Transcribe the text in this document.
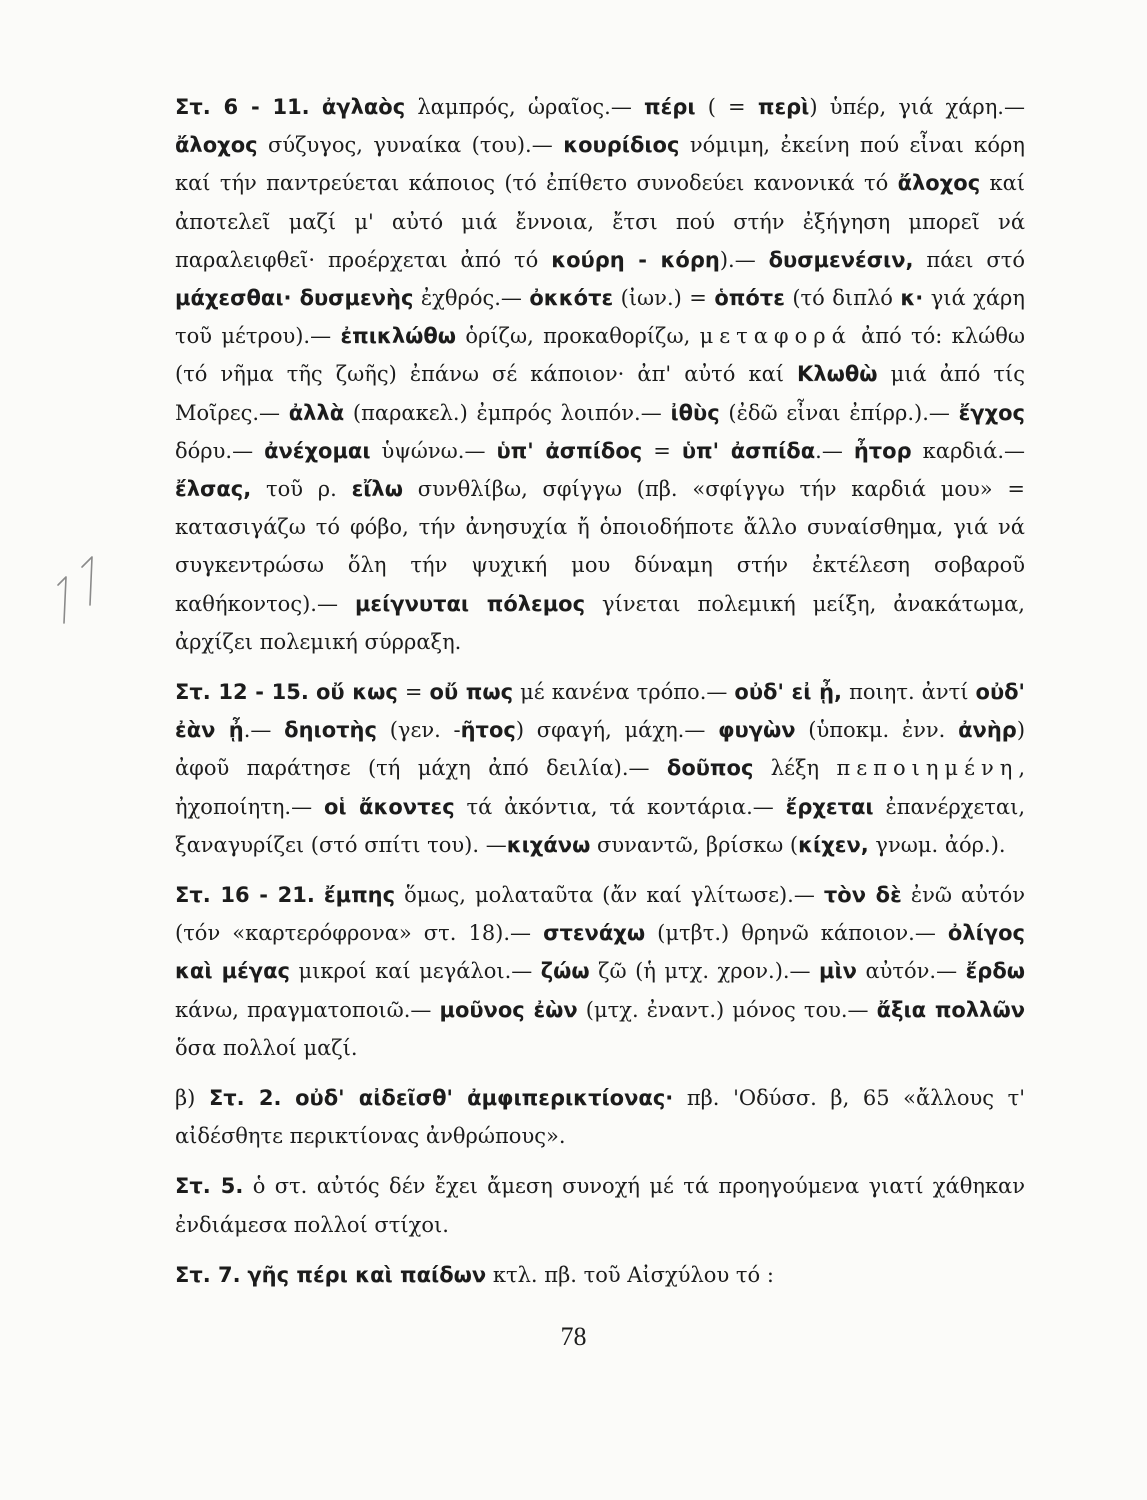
Στ. 6 - 11. ἀγλαὸς λαμπρός, ὡραῖος.— πέρι ( = περὶ) ὑπέρ, γιά χάρη.— ἄλοχος σύζυγος, γυναίκα (του).— κουρίδιος νόμιμη, ἐκείνη πού εἶναι κόρη καί τήν παντρεύεται κάποιος (τό ἐπίθετο συνοδεύει κανονικά τό ἄλοχος καί ἀποτελεῖ μαζί μ' αὐτό μιά ἔννοια, ἔτσι πού στήν ἐξήγηση μπορεῖ νά παραλειφθεῖ· προέρχεται ἀπό τό κούρη - κόρη).— δυσμενέσιν, πάει στό μάχεσθαι· δυσμενὴς ἐχθρός.— ὀκκότε (ἰων.) = ὁπότε (τό διπλό κ· γιά χάρη τοῦ μέτρου).— ἐπικλώθω ὁρίζω, προκαθορίζω, μεταφορά ἀπό τό: κλώθω (τό νῆμα τῆς ζωῆς) ἐπάνω σέ κάποιον· ἀπ' αὐτό καί Κλωθὼ μιά ἀπό τίς Μοῖρες.— ἀλλὰ (παρακελ.) ἐμπρός λοιπόν.— ἰθὺς (ἐδῶ εἶναι ἐπίρρ.).— ἔγχος δόρυ.— ἀνέχομαι ὑψώνω.— ὑπ' ἀσπίδος = ὑπ' ἀσπίδα.— ἦτορ καρδιά.— ἔλσας, τοῦ ρ. εἴλω συνθλίβω, σφίγγω (πβ. «σφίγγω τήν καρδιά μου» = κατασιγάζω τό φόβο, τήν ἀνησυχία ἤ ὁποιοδήποτε ἄλλο συναίσθημα, γιά νά συγκεντρώσω ὅλη τήν ψυχική μου δύναμη στήν ἐκτέλεση σοβαροῦ καθήκοντος).— μείγνυται πόλεμος γίνεται πολεμική μείξη, ἀνακάτωμα, ἀρχίζει πολεμική σύρραξη.

Στ. 12 - 15. οὔ κως = οὔ πως μέ κανένα τρόπο.— οὐδ' εἰ ᾖ, ποιητ. ἀντί οὐδ' ἐὰν ᾖ.— δηιοτὴς (γεν. -ῆτος) σφαγή, μάχη.— φυγὼν (ὑποκμ. ἐνν. ἀνὴρ) ἀφοῦ παράτησε (τή μάχη ἀπό δειλία).— δοῦπος λέξη πεποιημένη, ἠχοποίητη.— οἱ ἄκοντες τά ἀκόντια, τά κοντάρια.— ἔρχεται ἐπανέρχεται, ξαναγυρίζει (στό σπίτι του). —κιχάνω συναντῶ, βρίσκω (κίχεν, γνωμ. ἀόρ.).

Στ. 16 - 21. ἔμπης ὅμως, μολαταῦτα (ἄν καί γλίτωσε).— τὸν δὲ ἐνῶ αὐτόν (τόν «καρτερόφρονα» στ. 18).— στενάχω (μτβτ.) θρηνῶ κάποιον.— ὀλίγος καὶ μέγας μικροί καί μεγάλοι.— ζώω ζῶ (ἡ μτχ. χρον.).— μὶν αὐτόν.— ἔρδω κάνω, πραγματοποιῶ.— μοῦνος ἐὼν (μτχ. ἐναντ.) μόνος του.— ἄξια πολλῶν ὅσα πολλοί μαζί.

β) Στ. 2. οὐδ' αἰδεῖσθ' ἀμφιπερικτίονας· πβ. 'Οδύσσ. β, 65 «ἄλλους τ' αἰδέσθητε περικτίονας ἀνθρώπους».

Στ. 5. ὁ στ. αὐτός δέν ἔχει ἄμεση συνοχή μέ τά προηγούμενα γιατί χάθηκαν ἐνδιάμεσα πολλοί στίχοι.

Στ. 7. γῆς πέρι καὶ παίδων κτλ. πβ. τοῦ Αἰσχύλου τό :

78
